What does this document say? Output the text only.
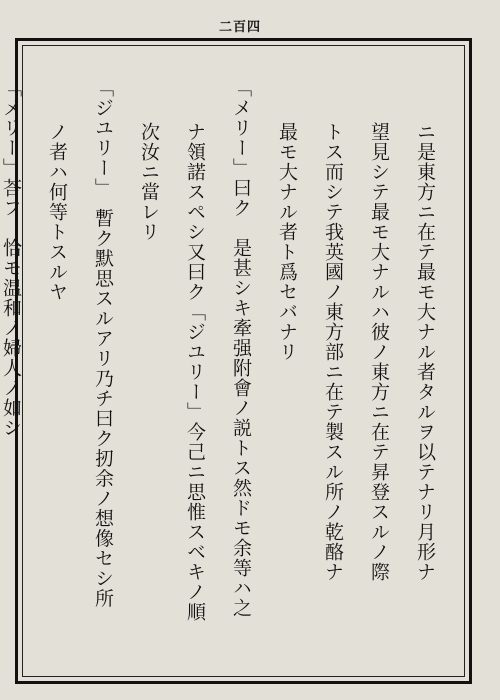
二百四
ニ是東方ニ在テ最モ大ナル者タルヲ以テナリ月形ナ
望見シテ最モ大ナルハ彼ノ東方ニ在テ昇登スルノ際
トス而シテ我英國ノ東方部ニ在テ製スル所ノ乾酪ナ
最モ大ナル者ト爲セバナリ
「メリー」曰ク　是甚シキ牽强附會ノ説トス然ドモ余等ハ之
ナ領諾スペシ又曰ク「ジユリー」今己ニ思惟スベキノ順
次汝ニ當レリ
「ジユリー」　暫ク默思スルアリ乃チ曰ク扨余ノ想像セシ所
ノ者ハ何等トスルヤ
「メリー」荅フ　恰モ温和ノ婦人ノ如シ
